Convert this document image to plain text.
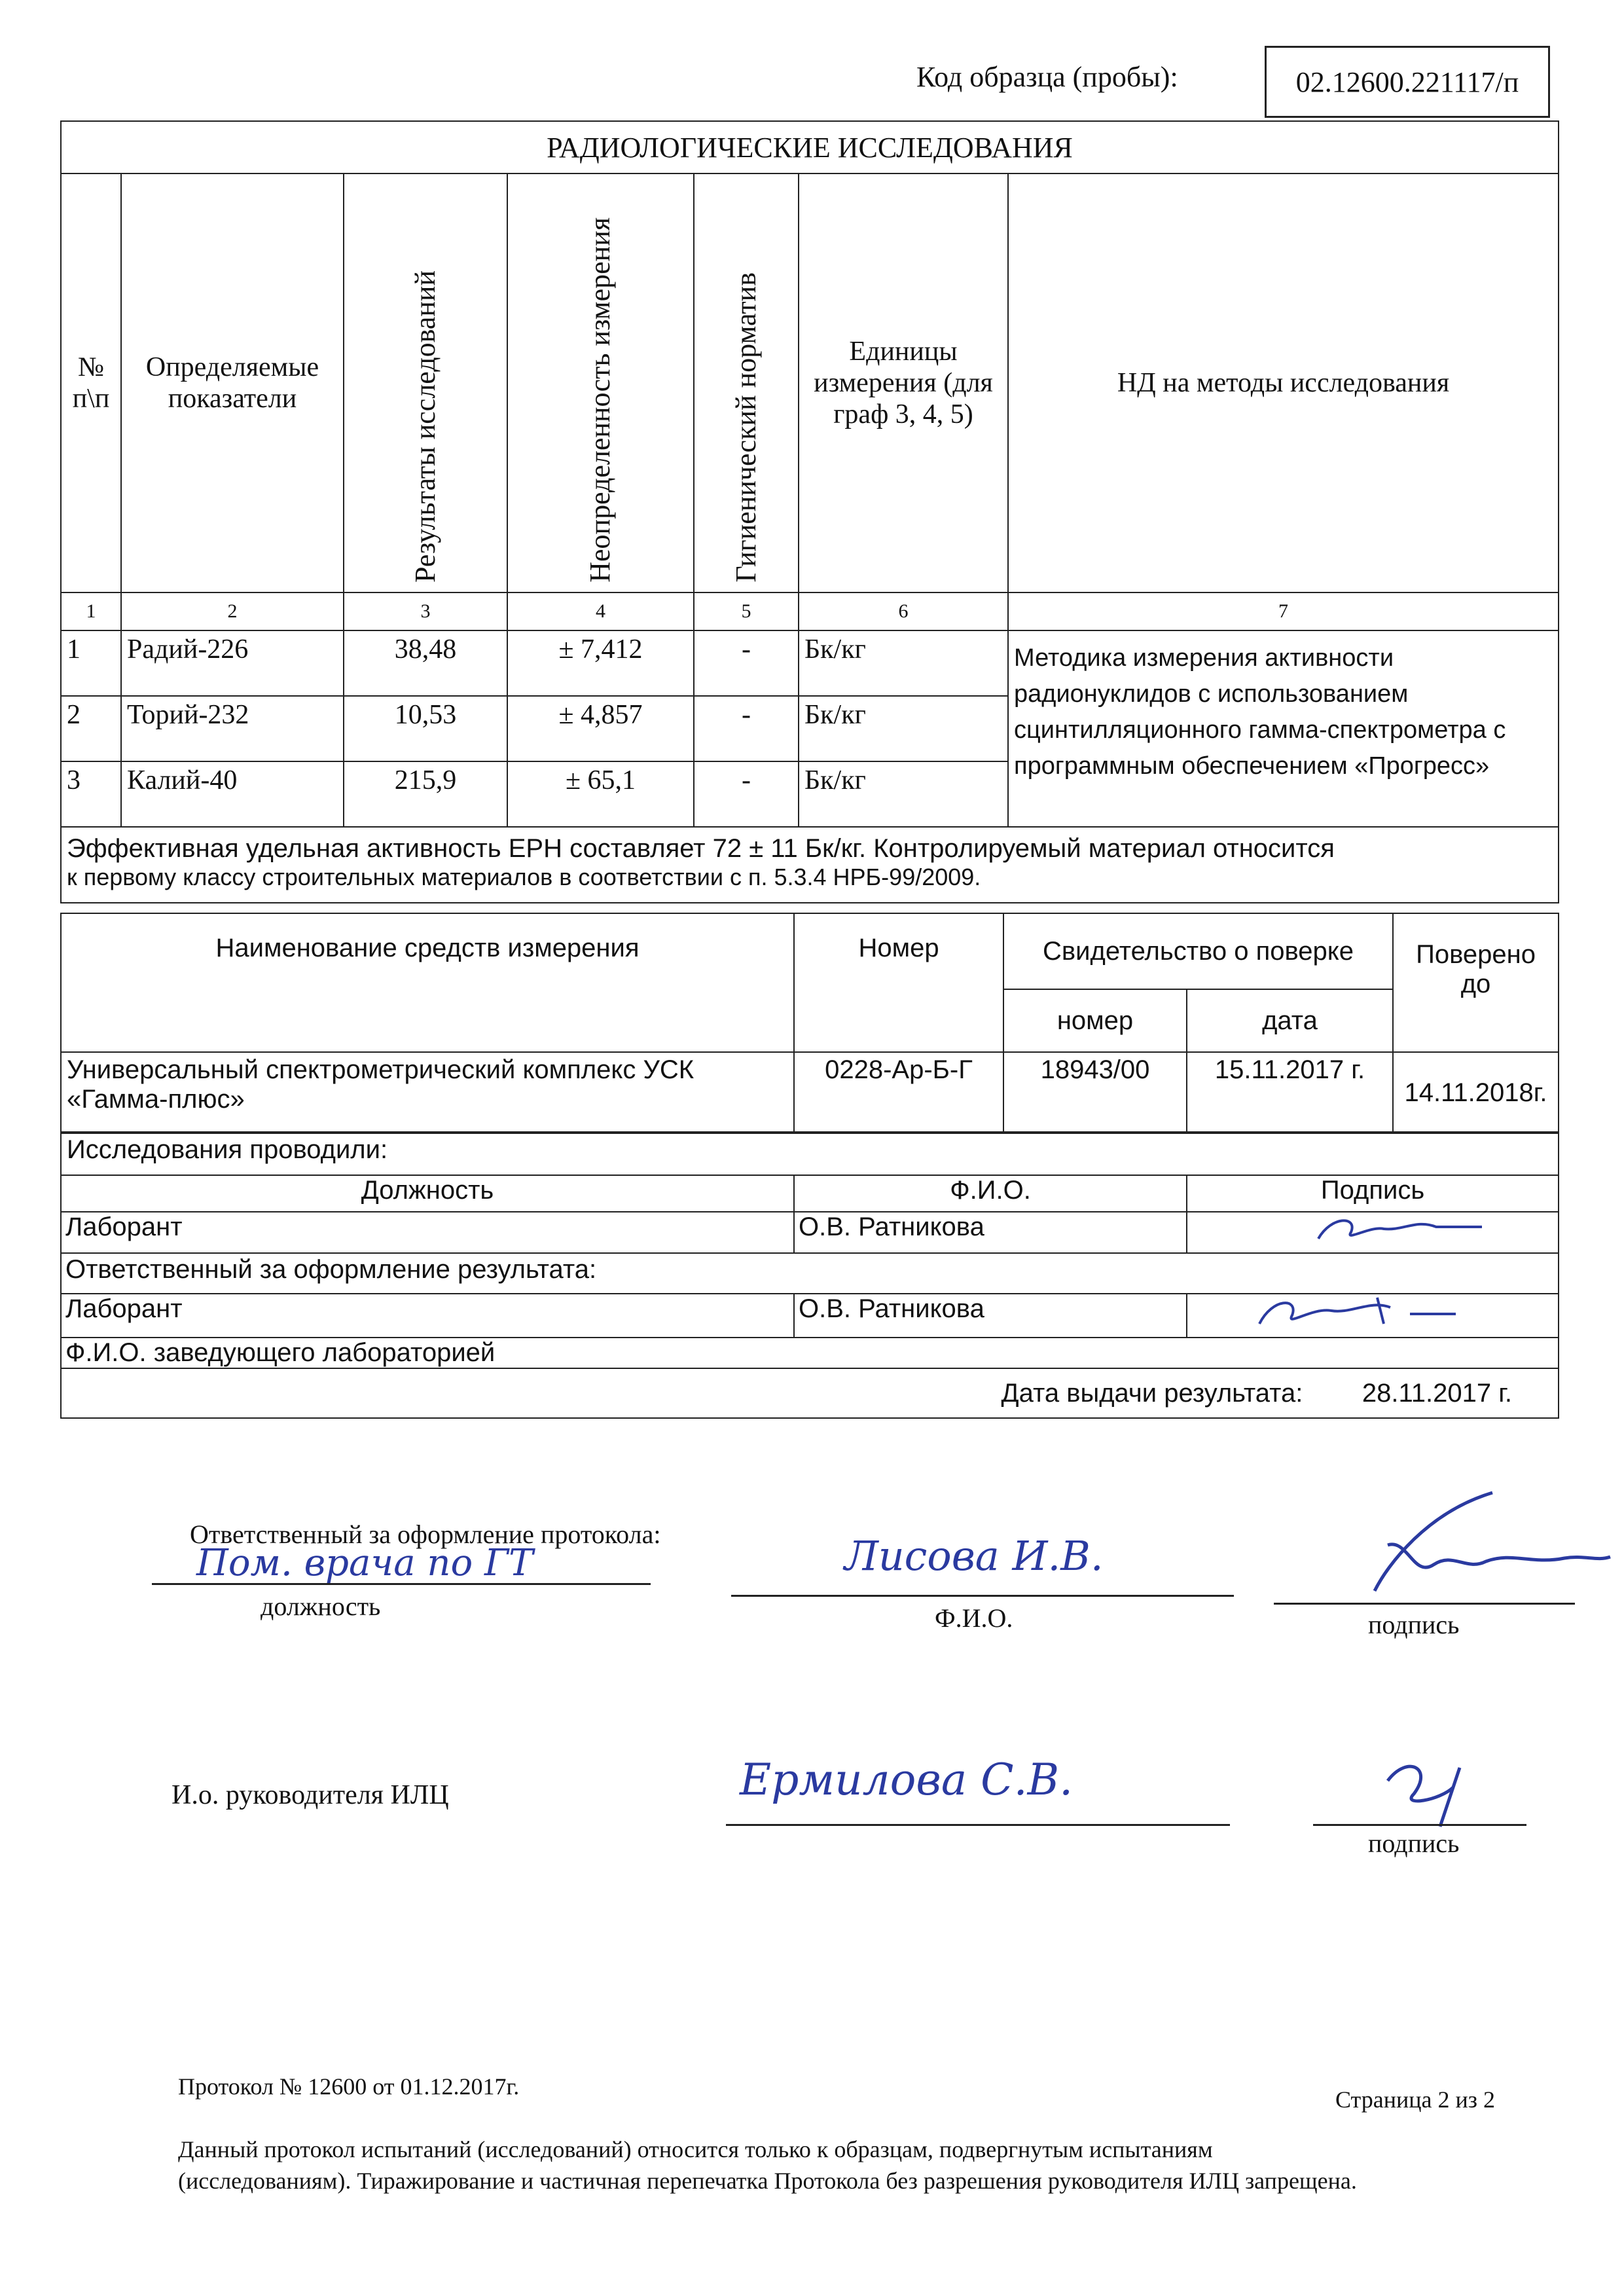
Код образца (пробы):	02.12600.221117/п
РАДИОЛОГИЧЕСКИЕ ИССЛЕДОВАНИЯ						
№ п\п	Определяемые показатели	Результаты исследований	Неопределенность измерения	Гигиенический норматив	Единицы измерения (для граф 3, 4, 5)	НД на методы исследования
1	2	3	4	5	6	7
1	Радий-226	38,48	± 7,412	-	Бк/кг	Методика измерения активности радионуклидов с использованием сцинтилляционного гамма-спектрометра с программным обеспечением «Прогресс»
2	Торий-232	10,53	± 4,857	-	Бк/кг	
3	Калий-40	215,9	± 65,1	-	Бк/кг	

Эффективная удельная активность ЕРН составляет 72 ± 11 Бк/кг. Контролируемый материал относится
к первому классу строительных материалов в соответствии с п. 5.3.4 НРБ-99/2009.						
Наименование средств измерения	Номер	Свидетельство о поверке		Поверено до
		номер	дата	
Универсальный спектрометрический комплекс УСК «Гамма-плюс»	0228-Ар-Б-Г	18943/00	15.11.2017 г.	14.11.2018г.
Исследования проводили:		
Должность	Ф.И.О.	Подпись
Лаборант	О.В. Ратникова	
Ответственный за оформление результата:		
Лаборант	О.В. Ратникова	
Ф.И.О. заведующего лабораторией		
Дата выдачи результата: 28.11.2017 г.		
Ответственный за оформление протокола:
Пом. врача по ГТ
должность
Лисова И.В.
Ф.И.О.	подпись
И.о. руководителя ИЛЦ	Ермилова С.В.
подпись
Протокол № 12600 от 01.12.2017г.	Страница 2 из 2
Данный протокол испытаний (исследований) относится только к образцам, подвергнутым испытаниям
(исследованиям). Тиражирование и частичная перепечатка Протокола без разрешения руководителя ИЛЦ запрещена.
